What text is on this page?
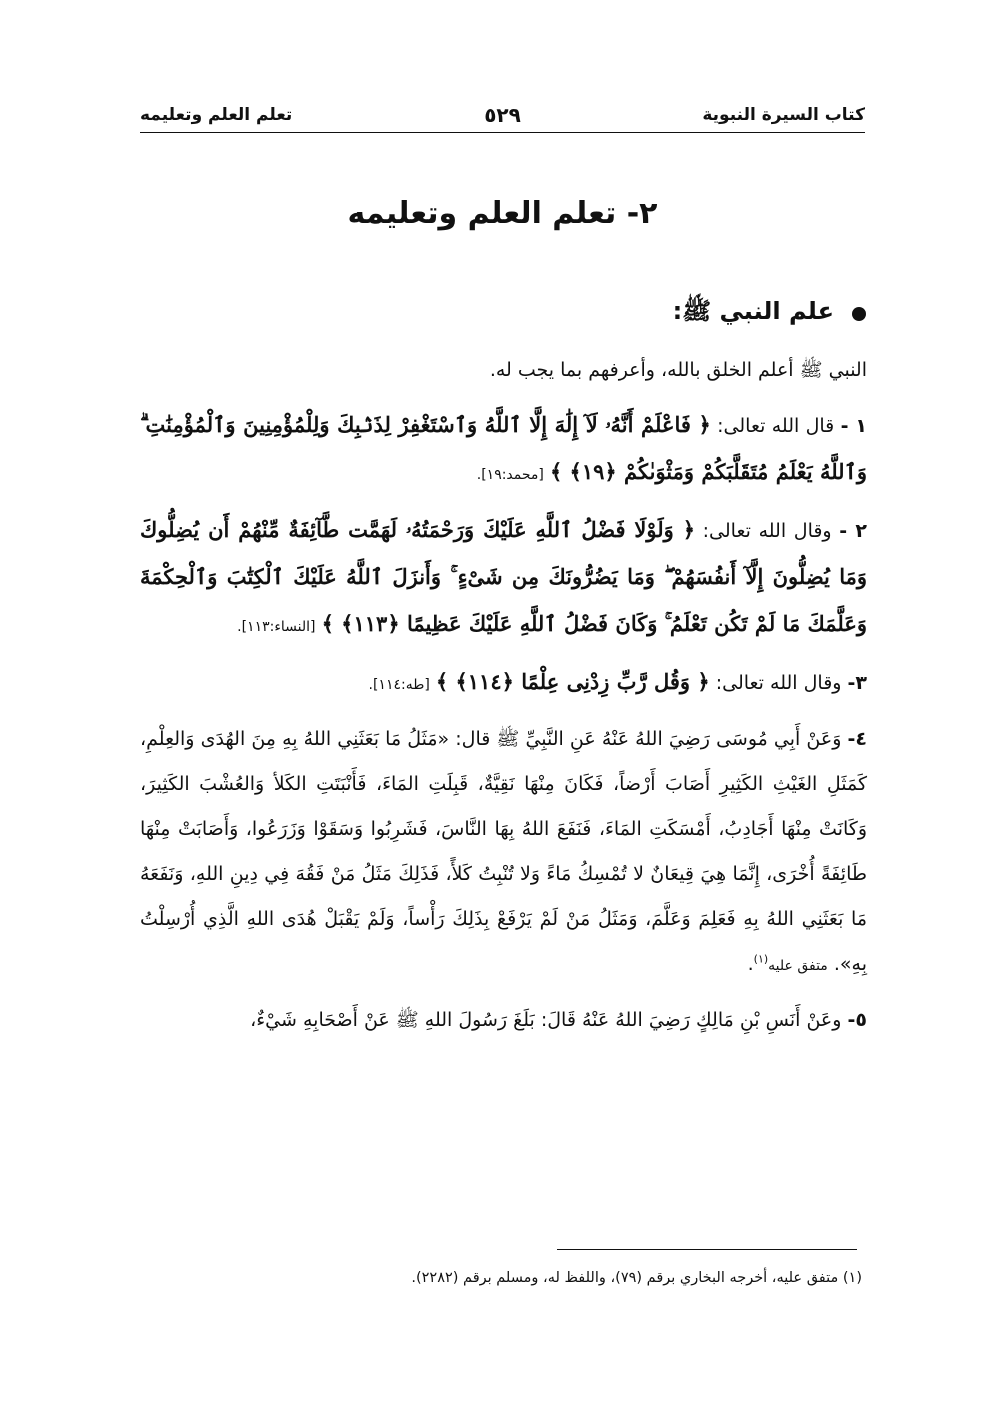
كتاب السيرة النبوية
٥٢٩
تعلم العلم وتعليمه
٢- تعلم العلم وتعليمه
علم النبي ﷺ:

النبي ﷺ أعلم الخلق بالله، وأعرفهم بما يجب له.

١ - قال الله تعالى: ﴿ فَاعْلَمْ أَنَّهُۥ لَآ إِلَٰهَ إِلَّا ٱللَّهُ وَٱسْتَغْفِرْ لِذَنۢبِكَ وَلِلْمُؤْمِنِينَ وَٱلْمُؤْمِنَٰتِ ۗ وَٱللَّهُ يَعْلَمُ مُتَقَلَّبَكُمْ وَمَثْوَىٰكُمْ ﴿١٩﴾ ﴾ [محمد:١٩].

٢ - وقال الله تعالى: ﴿ وَلَوْلَا فَضْلُ ٱللَّهِ عَلَيْكَ وَرَحْمَتُهُۥ لَهَمَّت طَّآئِفَةٌ مِّنْهُمْ أَن يُضِلُّوكَ وَمَا يُضِلُّونَ إِلَّآ أَنفُسَهُمْ ۖ وَمَا يَضُرُّونَكَ مِن شَىْءٍ ۚ وَأَنزَلَ ٱللَّهُ عَلَيْكَ ٱلْكِتَٰبَ وَٱلْحِكْمَةَ وَعَلَّمَكَ مَا لَمْ تَكُن تَعْلَمُ ۚ وَكَانَ فَضْلُ ٱللَّهِ عَلَيْكَ عَظِيمًا ﴿١١٣﴾ ﴾ [النساء:١١٣].

٣- وقال الله تعالى: ﴿ وَقُل رَّبِّ زِدْنِى عِلْمًا ﴿١١٤﴾ ﴾ [طه:١١٤].

٤- وَعَنْ أَبِي مُوسَى رَضِيَ اللهُ عَنْهُ عَنِ النَّبِيِّ ﷺ قال: «مَثَلُ مَا بَعَثَنِي اللهُ بِهِ مِنَ الهُدَى وَالعِلْمِ، كَمَثَلِ الغَيْثِ الكَثِيرِ أَصَابَ أَرْضاً، فَكَانَ مِنْهَا نَقِيَّةٌ، قَبِلَتِ المَاءَ، فَأَنْبَتَتِ الكَلأ وَالعُشْبَ الكَثِيرَ، وَكَانَتْ مِنْهَا أَجَادِبُ، أَمْسَكَتِ المَاءَ، فَنَفَعَ اللهُ بِهَا النَّاسَ، فَشَرِبُوا وَسَقَوْا وَزَرَعُوا، وَأَصَابَتْ مِنْهَا طَائِفَةً أُخْرَى، إِنَّمَا هِيَ قِيعَانٌ لا تُمْسِكُ مَاءً وَلا تُنْبِتُ كَلأً، فَذَلِكَ مَثَلُ مَنْ فَقُهَ فِي دِينِ اللهِ، وَنَفَعَهُ مَا بَعَثَنِي اللهُ بِهِ فَعَلِمَ وَعَلَّمَ، وَمَثَلُ مَنْ لَمْ يَرْفَعْ بِذَلِكَ رَأْساً، وَلَمْ يَقْبَلْ هُدَى اللهِ الَّذِي أُرْسِلْتُ بِهِ». متفق عليه$^{(١)}$.

٥- وعَنْ أَنَسِ بْنِ مَالِكٍ رَضِيَ اللهُ عَنْهُ قَالَ: بَلَغَ رَسُولَ اللهِ ﷺ عَنْ أَصْحَابِهِ شَيْءٌ،

(١) متفق عليه، أخرجه البخاري برقم (٧٩)، واللفظ له، ومسلم برقم (٢٢٨٢).
